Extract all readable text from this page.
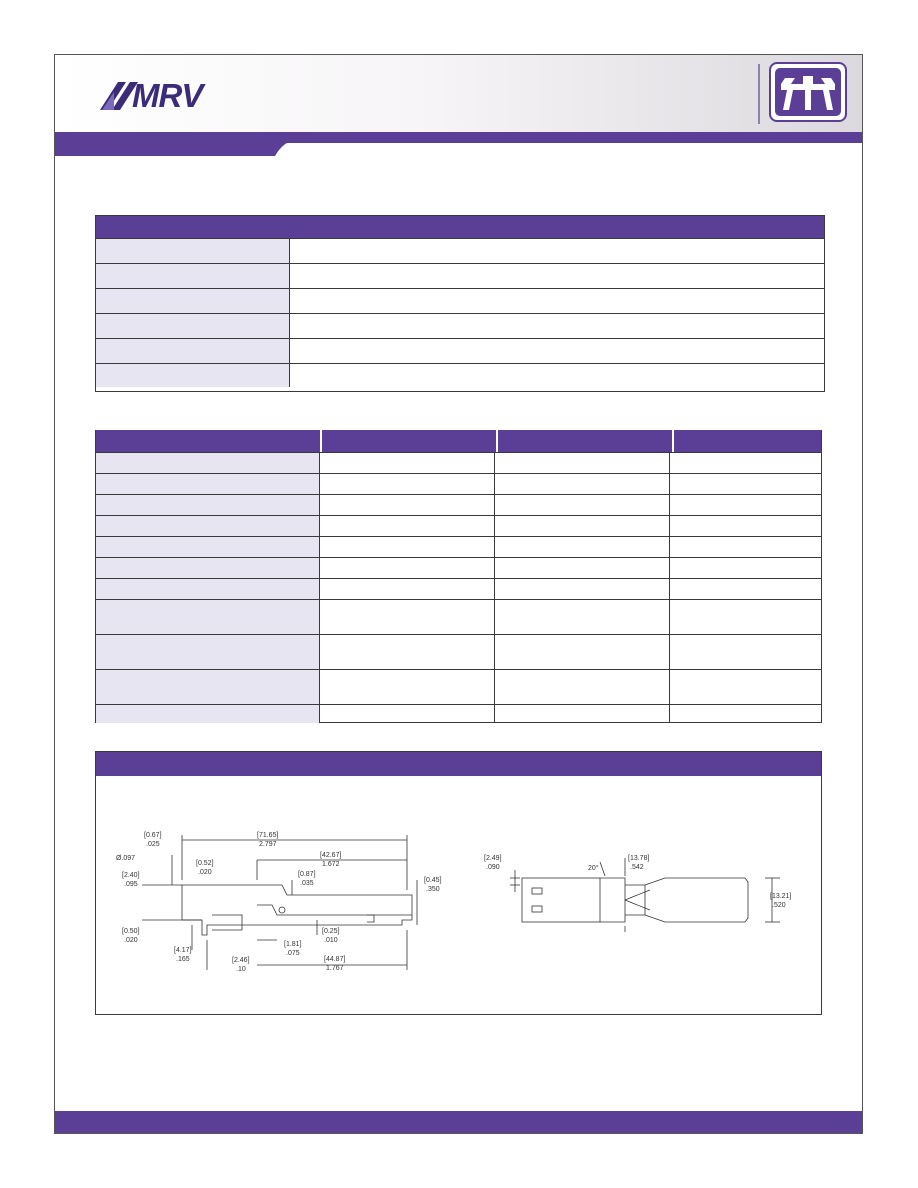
MRV
[0.67]
.025
[71.65]
2.797
Ø.097
[0.52]
.020
[42.67]
1.672
[2.40]
.095
[0.87]
.035	[0.45]
.350
[0.50]
.020
[0.25]
.010
[4.17]
.165
[1.81]
.075
[2.46]
.10
[44.87]
1.767
[2.49]
.090	20°
[13.78]
.542
[13.21]
.520
